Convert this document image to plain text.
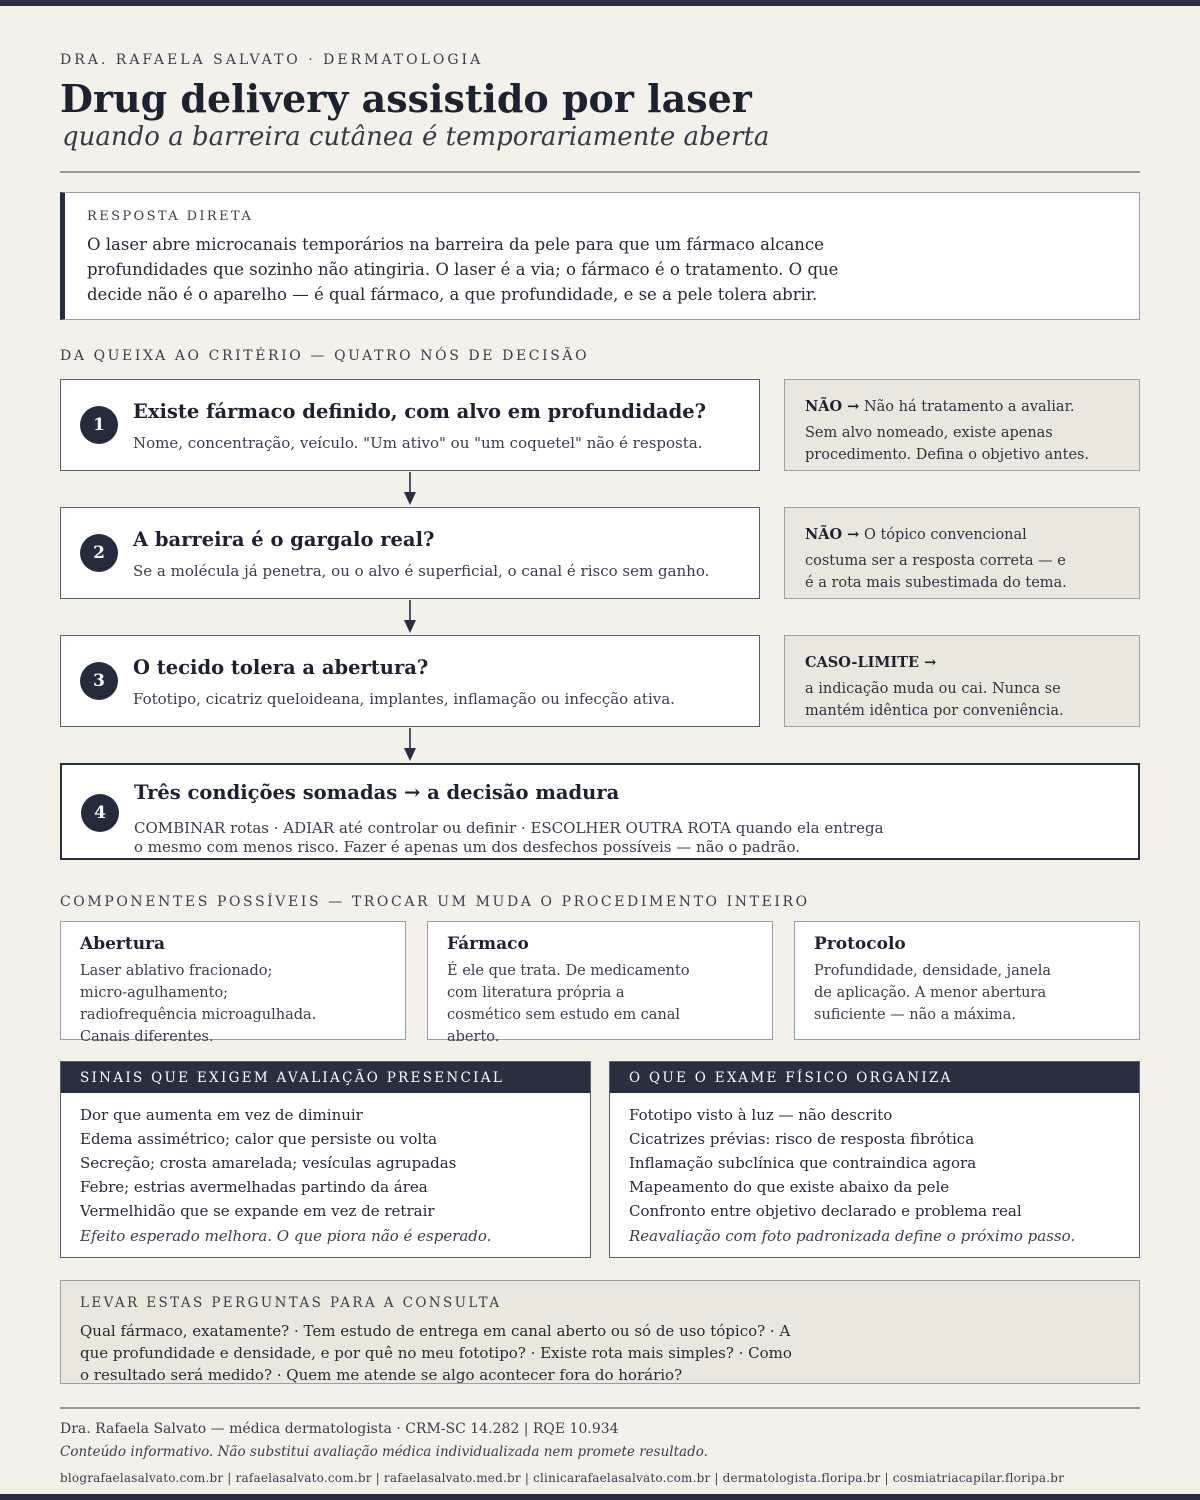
DRA. RAFAELA SALVATO · DERMATOLOGIA
Drug delivery assistido por laser
quando a barreira cutânea é temporariamente aberta
RESPOSTA DIRETA
O laser abre microcanais temporários na barreira da pele para que um fármaco alcance profundidades que sozinho não atingiria. O laser é a via; o fármaco é o tratamento. O que decide não é o aparelho — é qual fármaco, a que profundidade, e se a pele tolera abrir.
DA QUEIXA AO CRITÉRIO — QUATRO NÓS DE DECISÃO
1
Existe fármaco definido, com alvo em profundidade?

Nome, concentração, veículo. "Um ativo" ou "um coquetel" não é resposta.

NÃO → Não há tratamento a avaliar.

Sem alvo nomeado, existe apenas procedimento. Defina o objetivo antes.
2
A barreira é o gargalo real?

Se a molécula já penetra, ou o alvo é superficial, o canal é risco sem ganho.

NÃO → O tópico convencional

costuma ser a resposta correta — e é a rota mais subestimada do tema.
3
O tecido tolera a abertura?

Fototipo, cicatriz queloideana, implantes, inflamação ou infecção ativa.

CASO-LIMITE →

a indicação muda ou cai. Nunca se mantém idêntica por conveniência.
4
Três condições somadas → a decisão madura

COMBINAR rotas · ADIAR até controlar ou definir · ESCOLHER OUTRA ROTA quando ela entrega

o mesmo com menos risco. Fazer é apenas um dos desfechos possíveis — não o padrão.

COMPONENTES POSSÍVEIS — TROCAR UM MUDA O PROCEDIMENTO INTEIRO
Abertura

Laser ablativo fracionado; micro-agulhamento; radiofrequência microagulhada. Canais diferentes.

Fármaco

É ele que trata. De medicamento com literatura própria a cosmético sem estudo em canal aberto.

Protocolo

Profundidade, densidade, janela de aplicação. A menor abertura suficiente — não a máxima.

SINAIS QUE EXIGEM AVALIAÇÃO PRESENCIAL
Dor que aumenta em vez de diminuir
Edema assimétrico; calor que persiste ou volta
Secreção; crosta amarelada; vesículas agrupadas
Febre; estrias avermelhadas partindo da área
Vermelhidão que se expande em vez de retrair
Efeito esperado melhora. O que piora não é esperado.
O QUE O EXAME FÍSICO ORGANIZA
Fototipo visto à luz — não descrito
Cicatrizes prévias: risco de resposta fibrótica
Inflamação subclínica que contraindica agora
Mapeamento do que existe abaixo da pele
Confronto entre objetivo declarado e problema real
Reavaliação com foto padronizada define o próximo passo.
LEVAR ESTAS PERGUNTAS PARA A CONSULTA
Qual fármaco, exatamente? · Tem estudo de entrega em canal aberto ou só de uso tópico? · A que profundidade e densidade, e por quê no meu fototipo? · Existe rota mais simples? · Como o resultado será medido? · Quem me atende se algo acontecer fora do horário?
Dra. Rafaela Salvato — médica dermatologista · CRM-SC 14.282 | RQE 10.934
Conteúdo informativo. Não substitui avaliação médica individualizada nem promete resultado.
blografaelasalvato.com.br | rafaelasalvato.com.br | rafaelasalvato.med.br | clinicarafaelasalvato.com.br | dermatologista.floripa.br | cosmiatriacapilar.floripa.br
